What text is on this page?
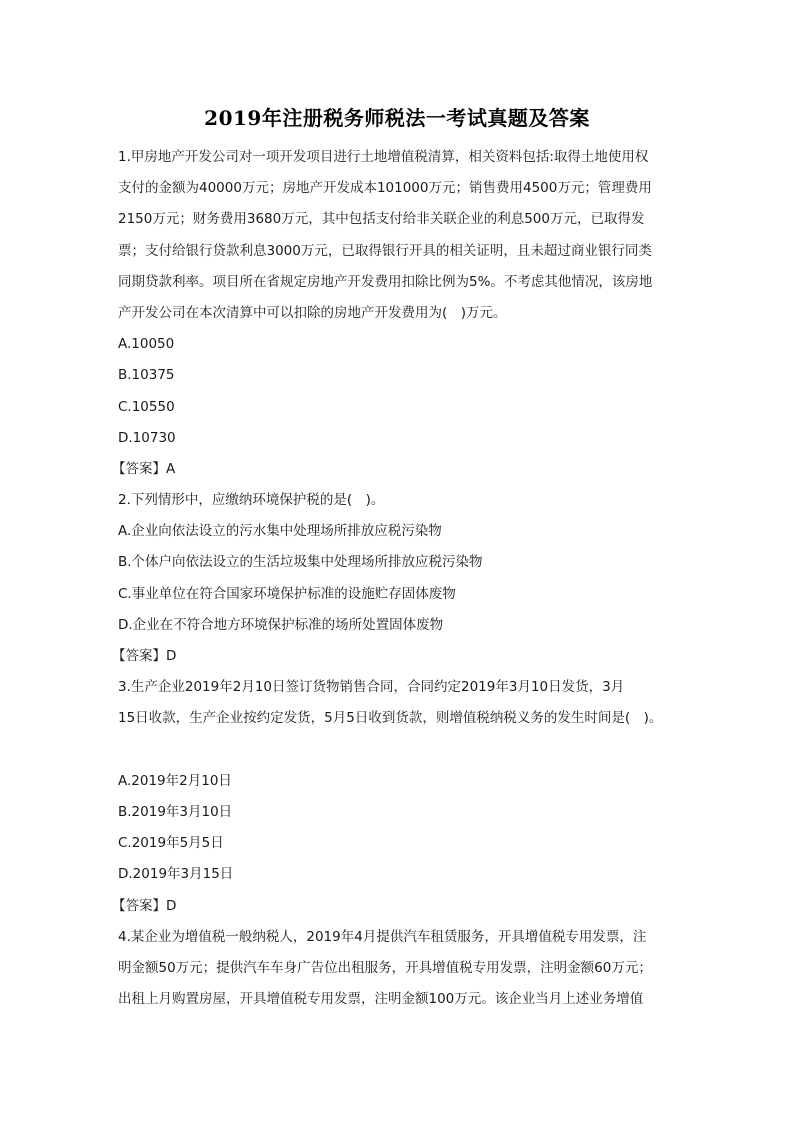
2019年注册税务师税法一考试真题及答案
1.甲房地产开发公司对一项开发项目进行土地增值税清算，相关资料包括:取得土地使用权
支付的金额为40000万元；房地产开发成本101000万元；销售费用4500万元；管理费用
2150万元；财务费用3680万元，其中包括支付给非关联企业的利息500万元，已取得发
票；支付给银行贷款利息3000万元，已取得银行开具的相关证明，且未超过商业银行同类
同期贷款利率。项目所在省规定房地产开发费用扣除比例为5%。不考虑其他情况，该房地
产开发公司在本次清算中可以扣除的房地产开发费用为(　)万元。
A.10050
B.10375
C.10550
D.10730
【答案】A
2.下列情形中，应缴纳环境保护税的是(　)。
A.企业向依法设立的污水集中处理场所排放应税污染物
B.个体户向依法设立的生活垃圾集中处理场所排放应税污染物
C.事业单位在符合国家环境保护标准的设施贮存固体废物
D.企业在不符合地方环境保护标准的场所处置固体废物
【答案】D
3.生产企业2019年2月10日签订货物销售合同，合同约定2019年3月10日发货，3月
15日收款，生产企业按约定发货，5月5日收到货款，则增值税纳税义务的发生时间是(　)。
A.2019年2月10日
B.2019年3月10日
C.2019年5月5日
D.2019年3月15日
【答案】D
4.某企业为增值税一般纳税人，2019年4月提供汽车租赁服务，开具增值税专用发票，注
明金额50万元；提供汽车车身广告位出租服务，开具增值税专用发票，注明金额60万元；
出租上月购置房屋，开具增值税专用发票，注明金额100万元。该企业当月上述业务增值
